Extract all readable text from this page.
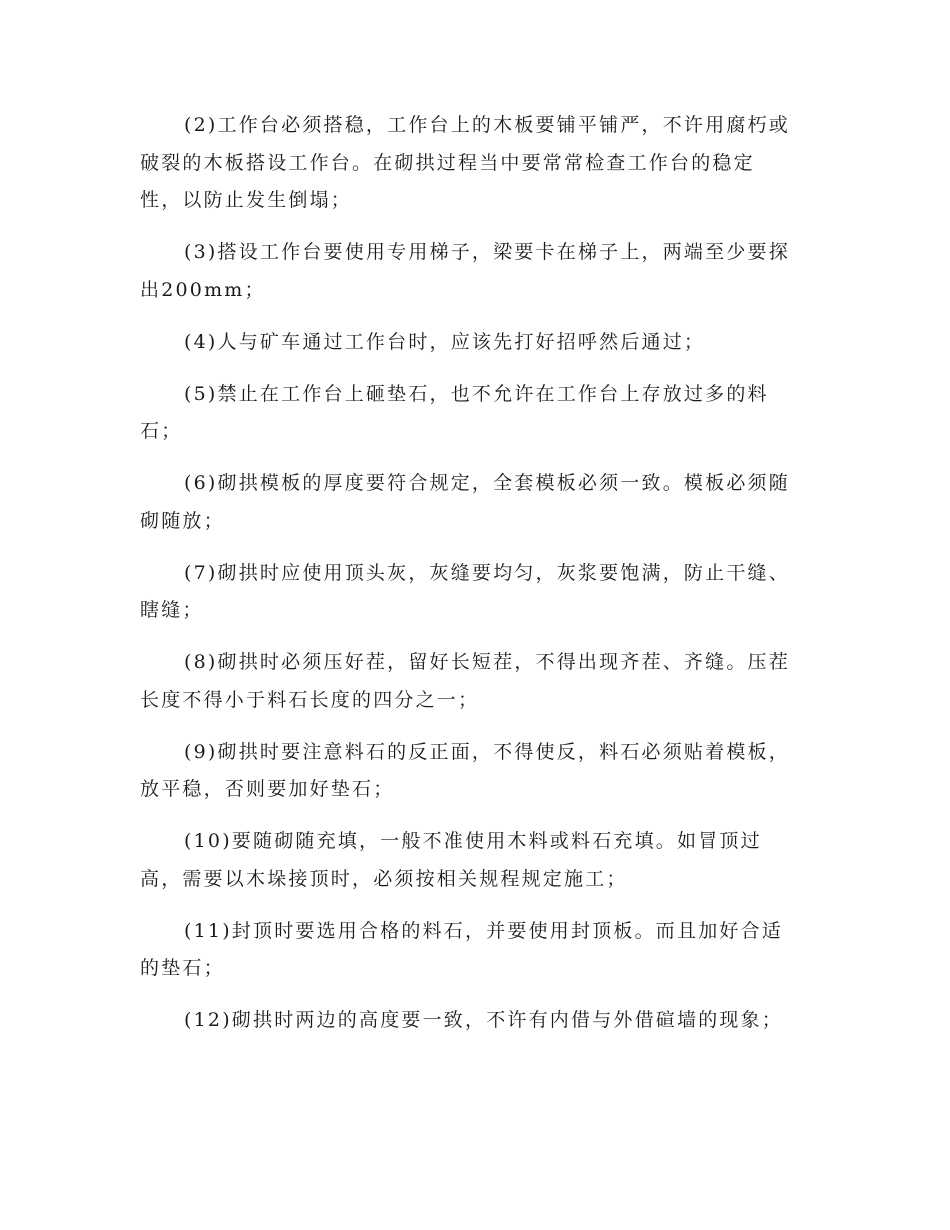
(2)工作台必须搭稳，工作台上的木板要铺平铺严，不许用腐朽或
破裂的木板搭设工作台。在砌拱过程当中要常常检查工作台的稳定
性，以防止发生倒塌；
(3)搭设工作台要使用专用梯子，梁要卡在梯子上，两端至少要探
出200mm；
(4)人与矿车通过工作台时，应该先打好招呼然后通过；
(5)禁止在工作台上砸垫石，也不允许在工作台上存放过多的料
石；
(6)砌拱模板的厚度要符合规定，全套模板必须一致。模板必须随
砌随放；
(7)砌拱时应使用顶头灰，灰缝要均匀，灰浆要饱满，防止干缝、
瞎缝；
(8)砌拱时必须压好茬，留好长短茬，不得出现齐茬、齐缝。压茬
长度不得小于料石长度的四分之一；
(9)砌拱时要注意料石的反正面，不得使反，料石必须贴着模板，
放平稳，否则要加好垫石；
(10)要随砌随充填，一般不准使用木料或料石充填。如冒顶过
高，需要以木垛接顶时，必须按相关规程规定施工；
(11)封顶时要选用合格的料石，并要使用封顶板。而且加好合适
的垫石；
(12)砌拱时两边的高度要一致，不许有内借与外借碹墙的现象；
